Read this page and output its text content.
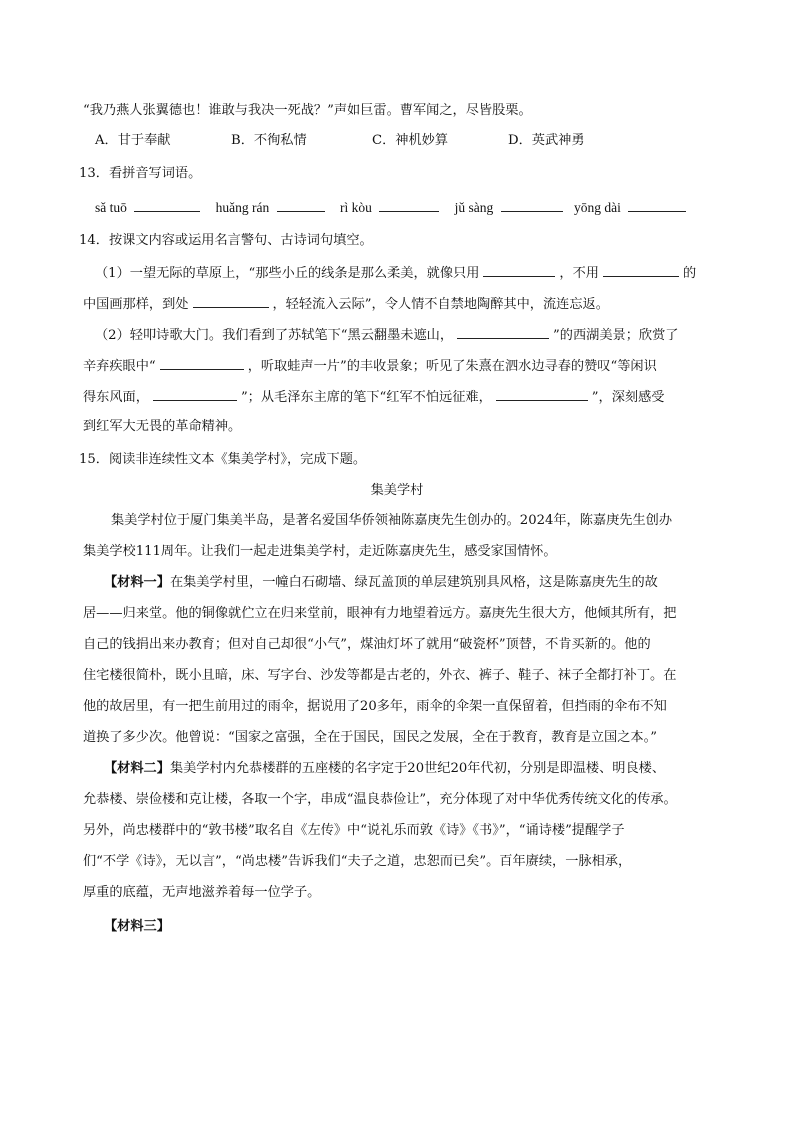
“我乃燕人张翼德也！谁敢与我决一死战？”声如巨雷。曹军闻之，尽皆股栗。
A．甘于奉献	B．不徇私情	C．神机妙算	D．英武神勇
13．看拼音写词语。
sǎ tuō	huǎng rán	rì kòu	jǔ sàng	yōng dài
14．按课文内容或运用名言警句、古诗词句填空。
（1）一望无际的草原上，“那些小丘的线条是那么柔美，就像只用	，不用	的
中国画那样，到处	，轻轻流入云际”，令人情不自禁地陶醉其中，流连忘返。
（2）轻叩诗歌大门。我们看到了苏轼笔下“黑云翻墨未遮山，	”的西湖美景；欣赏了
辛弃疾眼中“	，听取蛙声一片”的丰收景象；听见了朱熹在泗水边寻春的赞叹“等闲识
得东风面，	”；从毛泽东主席的笔下“红军不怕远征难，	”，深刻感受
到红军大无畏的革命精神。
15．阅读非连续性文本《集美学村》，完成下题。
集美学村
集美学村位于厦门集美半岛，是著名爱国华侨领袖陈嘉庚先生创办的。2024年，陈嘉庚先生创办
集美学校111周年。让我们一起走进集美学村，走近陈嘉庚先生，感受家国情怀。
【材料一】在集美学村里，一幢白石砌墙、绿瓦盖顶的单层建筑别具风格，这是陈嘉庚先生的故
居——归来堂。他的铜像就伫立在归来堂前，眼神有力地望着远方。嘉庚先生很大方，他倾其所有，把
自己的钱捐出来办教育；但对自己却很“小气”，煤油灯坏了就用“破瓷杯”顶替，不肯买新的。他的
住宅楼很简朴，既小且暗，床、写字台、沙发等都是古老的，外衣、裤子、鞋子、袜子全都打补丁。在
他的故居里，有一把生前用过的雨伞，据说用了20多年，雨伞的伞架一直保留着，但挡雨的伞布不知
道换了多少次。他曾说：“国家之富强，全在于国民，国民之发展，全在于教育，教育是立国之本。”
【材料二】集美学村内允恭楼群的五座楼的名字定于20世纪20年代初，分别是即温楼、明良楼、
允恭楼、崇俭楼和克让楼，各取一个字，串成“温良恭俭让”，充分体现了对中华优秀传统文化的传承。
另外，尚忠楼群中的“敦书楼”取名自《左传》中“说礼乐而敦《诗》《书》”，“诵诗楼”提醒学子
们“不学《诗》，无以言”，“尚忠楼”告诉我们“夫子之道，忠恕而已矣”。百年赓续，一脉相承，
厚重的底蕴，无声地滋养着每一位学子。
【材料三】
